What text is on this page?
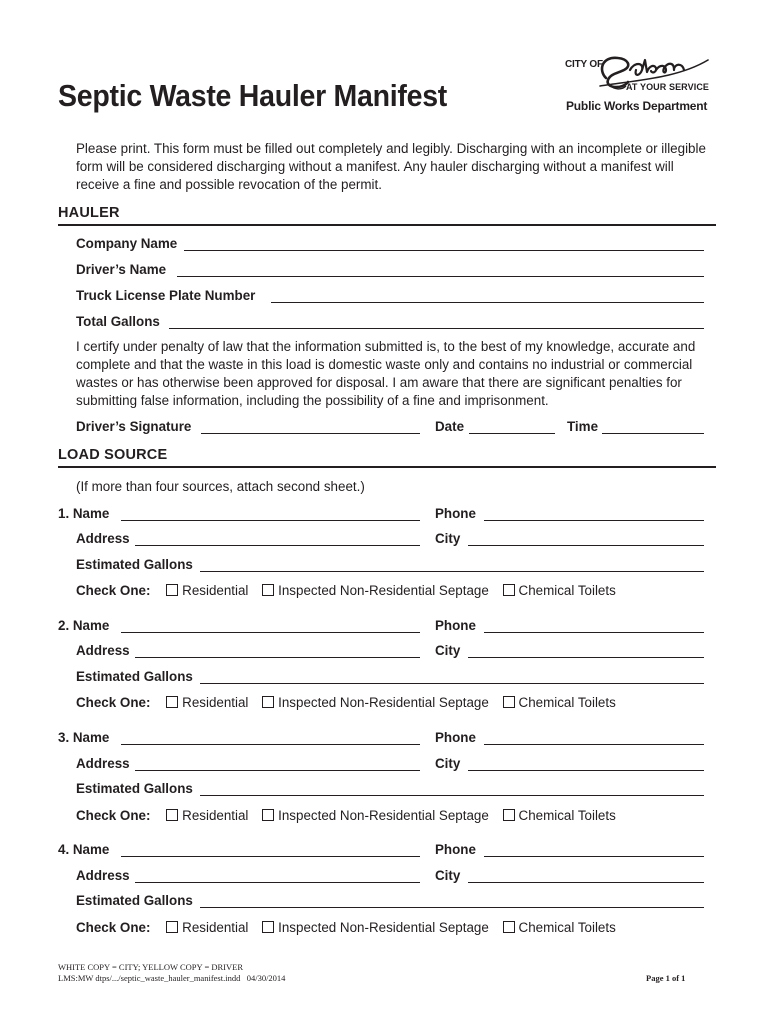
Septic Waste Hauler Manifest
CITY OF
AT YOUR SERVICE
Public Works Department
Please print. This form must be filled out completely and legibly. Discharging with an incomplete or illegible form will be considered discharging without a manifest. Any hauler discharging without a manifest will receive a fine and possible revocation of the permit.
HAULER
Company Name
Driver’s Name
Truck License Plate Number
Total Gallons
I certify under penalty of law that the information submitted is, to the best of my knowledge, accurate and complete and that the waste in this load is domestic waste only and contains no industrial or commercial wastes or has otherwise been approved for disposal. I am aware that there are significant penalties for submitting false information, including the possibility of a fine and imprisonment.
Driver’s Signature	Date	Time
LOAD SOURCE
(If more than four sources, attach second sheet.)
1. Name	Phone
Address	City
Estimated Gallons
Check One: Residential Inspected Non-Residential Septage Chemical Toilets
2. Name	Phone
Address	City
Estimated Gallons
Check One: Residential Inspected Non-Residential Septage Chemical Toilets
3. Name	Phone
Address	City
Estimated Gallons
Check One: Residential Inspected Non-Residential Septage Chemical Toilets
4. Name	Phone
Address	City
Estimated Gallons
Check One: Residential Inspected Non-Residential Septage Chemical Toilets
WHITE COPY = CITY; YELLOW COPY = DRIVER
LMS:MW dtps/.../septic_waste_hauler_manifest.indd   04/30/2014	Page 1 of 1
